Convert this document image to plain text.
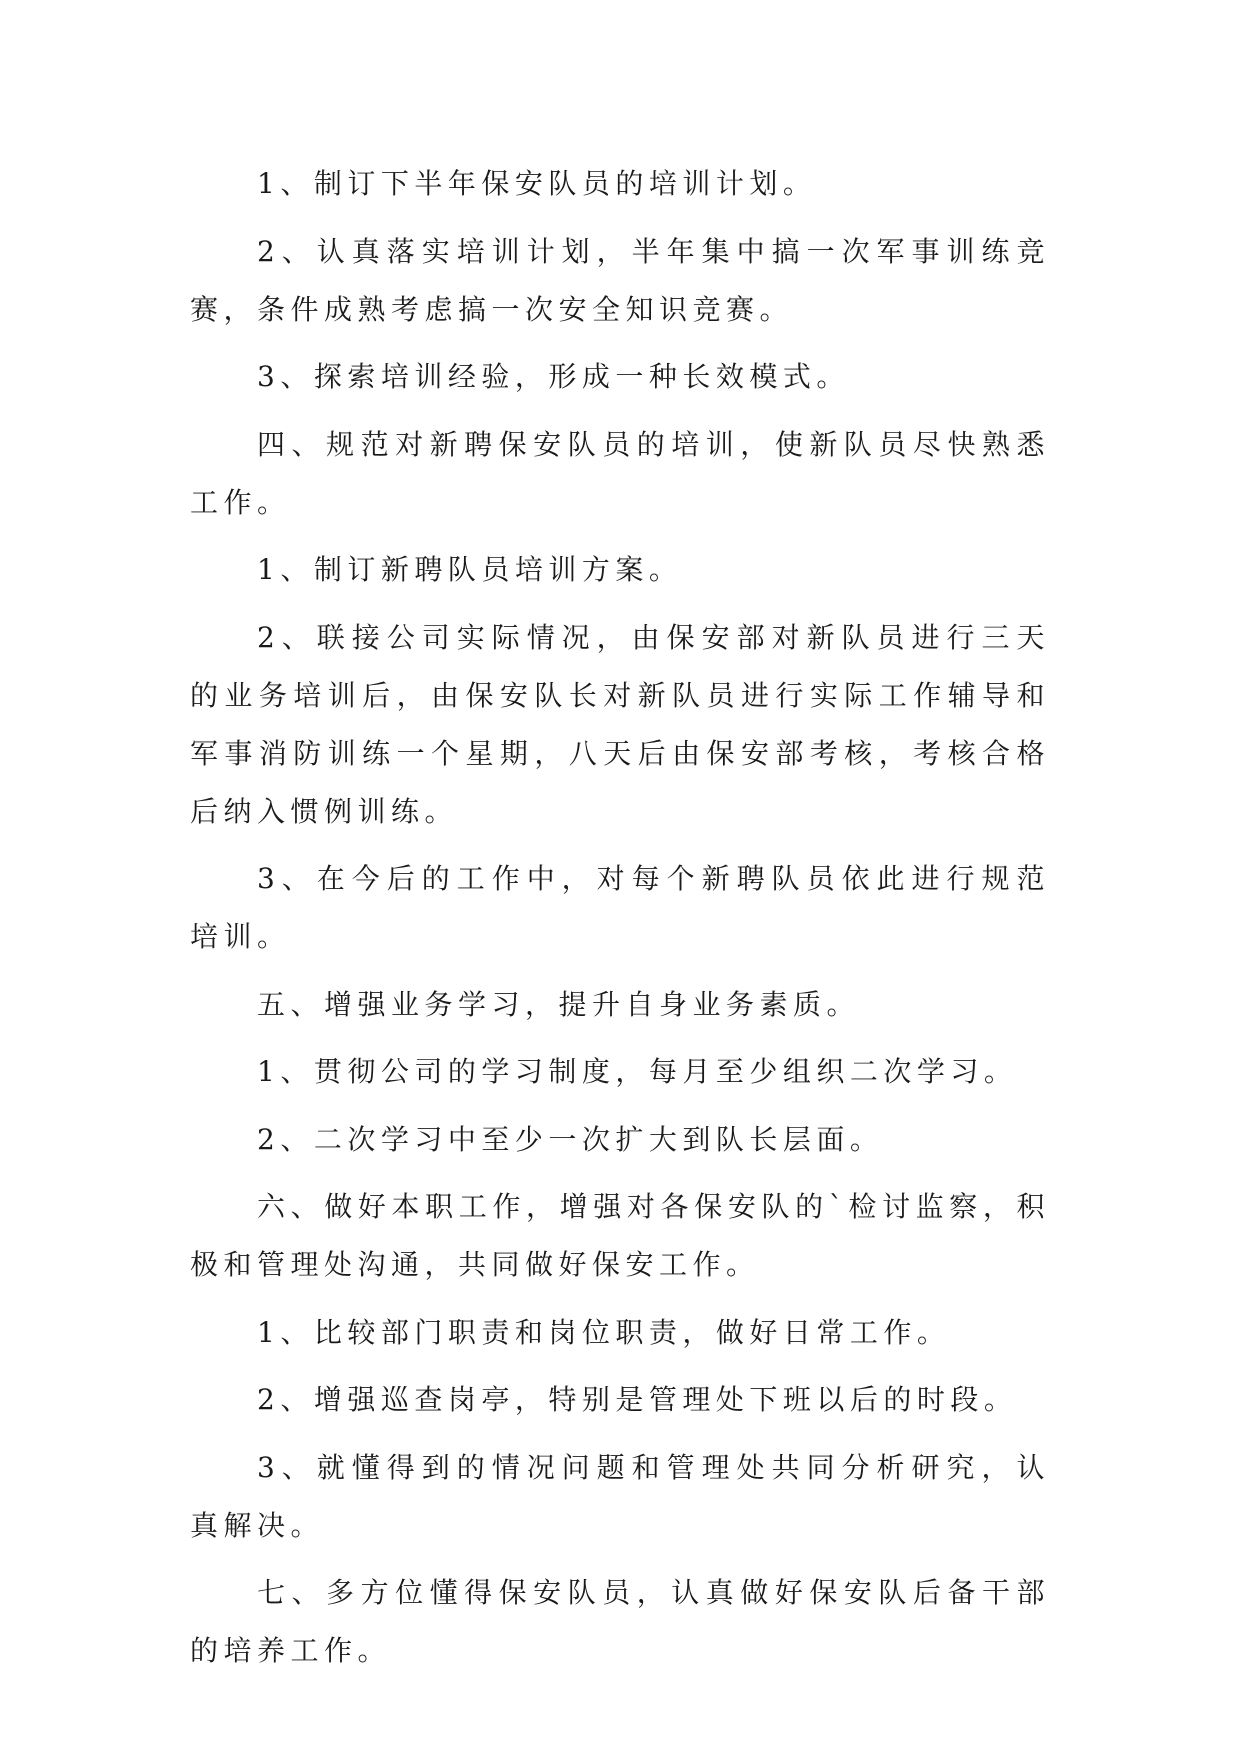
1、制订下半年保安队员的培训计划。

2、认真落实培训计划，半年集中搞一次军事训练竞赛，条件成熟考虑搞一次安全知识竞赛。

3、探索培训经验，形成一种长效模式。

四、规范对新聘保安队员的培训，使新队员尽快熟悉工作。

1、制订新聘队员培训方案。

2、联接公司实际情况，由保安部对新队员进行三天的业务培训后，由保安队长对新队员进行实际工作辅导和军事消防训练一个星期，八天后由保安部考核，考核合格后纳入惯例训练。

3、在今后的工作中，对每个新聘队员依此进行规范培训。

五、增强业务学习，提升自身业务素质。

1、贯彻公司的学习制度，每月至少组织二次学习。

2、二次学习中至少一次扩大到队长层面。

六、做好本职工作，增强对各保安队的`检讨监察，积极和管理处沟通，共同做好保安工作。

1、比较部门职责和岗位职责，做好日常工作。

2、增强巡查岗亭，特别是管理处下班以后的时段。

3、就懂得到的情况问题和管理处共同分析研究，认真解决。

七、多方位懂得保安队员，认真做好保安队后备干部的培养工作。
